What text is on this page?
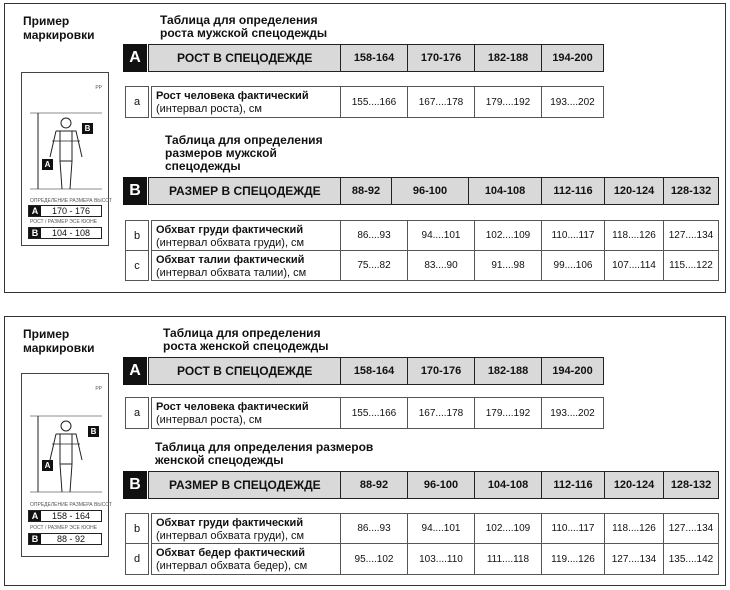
Пример маркировки
РР
B
A
ОПРЕДЕЛЕНИЕ РАЗМЕРА ВЫСОТ
A	170 - 176
РОСТ / РАЗМЕР ЭСЕ ЮОНЕ
B	104 - 108
Таблица для определения роста мужской спецодежды
A	РОСТ В СПЕЦОДЕЖДЕ	158-164	170-176	182-188	194-200
a	Рост человека фактический
(интервал роста), см
155....166	167....178	179....192	193....202
Таблица для определения размеров мужской спецодежды
B	РАЗМЕР В СПЕЦОДЕЖДЕ	88-92	96-100	104-108	112-116	120-124	128-132
b	Обхват груди фактический
(интервал обхвата груди), см
86....93	94....101	102....109	110....117	118....126	127....134
c	Обхват талии фактический
(интервал обхвата талии), см
75....82	83....90	91....98	99....106	107....114	115....122
Пример маркировки
РР
B
A
ОПРЕДЕЛЕНИЕ РАЗМЕРА ВЫСОТ
A	158 - 164
РОСТ / РАЗМЕР ЭСЕ ЮОНЕ
B	88 - 92
Таблица для определения роста женской спецодежды
A	РОСТ В СПЕЦОДЕЖДЕ	158-164	170-176	182-188	194-200
a	Рост человека фактический
(интервал роста), см
155....166	167....178	179....192	193....202
Таблица для определения размеров женской спецодежды
B	РАЗМЕР В СПЕЦОДЕЖДЕ	88-92	96-100	104-108	112-116	120-124	128-132
b	Обхват груди фактический
(интервал обхвата груди), см
86....93	94....101	102....109	110....117	118....126	127....134
d	Обхват бедер фактический
(интервал обхвата бедер), см
95....102	103....110	111....118	119....126	127....134	135....142
